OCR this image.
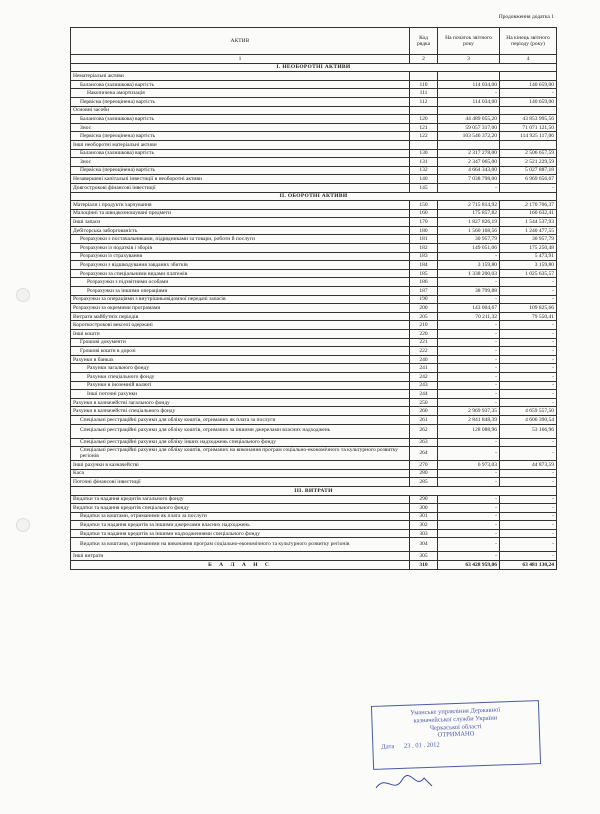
Продовження додатка 1
АКТИВ	Код рядка	На початок звітного року	На кінець звітного періоду (року)
1	2	3	4
I. НЕОБОРОТНІ АКТИВИ			
Нематеріальні активи			
Балансова (залишкова) вартість	110	114 034,00	140 659,00
Накопичена амортизація	111	-	-
Первісна (переоцінена) вартість	112	114 034,00	140 659,00
Основні засоби			
Балансова (залишкова) вартість	120	44 489 055,20	43 853 995,56
Знос	121	59 057 317,00	71 071 121,50
Первісна (переоцінена) вартість	122	103 546 372,20	114 925 117,06
Інші необоротні матеріальні активи			
Балансова (залишкова) вартість	130	2 317 278,00	2 506 657,59
Знос	131	2 347 065,00	2 521 229,59
Первісна (переоцінена) вартість	132	4 664 343,00	5 027 887,18
Незавершені капітальні інвестиції в необоротні активи	140	7 038 798,00	6 969 656,67
Довгострокові фінансові інвестиції	145	-	-
II. ОБОРОТНІ АКТИВИ			
Матеріали і продукти харчування	150	2 715 814,92	2 170 706,37
Малоцінні та швидкозношувані предмети	160	175 857,82	160 632,41
Інші запаси	170	1 827 826,19	1 544 537,93
Дебіторська заборгованість	180	1 560 168,56	1 240 477,55
Розрахунки з постачальниками, підрядниками за товари, роботи й послуги	181	30 957,79	30 957,79
Розрахунки із податків і зборів	182	149 051,06	175 250,48
Розрахунки із страхування	183	-	5 473,91
Розрахунки з відшкодування завданих збитків	184	3 159,80	3 159,80
Розрахунки за спеціальними видами платежів	185	1 338 200,03	1 025 635,57
Розрахунки з підзвітними особами	186	-	-
Розрахунки за іншими операціями	187	38 799,88	-
Розрахунки за операціями з внутрішньовідомчої передачі запасів	190	-	-
Розрахунки за окремими програмами	200	143 004,67	109 825,66
Витрати майбутніх періодів	205	70 211,32	79 550,41
Короткострокові векселі одержані	210	-	-
Інші кошти	220	-	-
Грошові документи	221	-	-
Грошові кошти в дорозі	222	-	-
Рахунки в банках	240	-	-
Рахунки загального фонду	241	-	-
Рахунки спеціального фонду	242	-	-
Рахунки в іноземній валюті	243	-	-
Інші поточні рахунки	244	-	-
Рахунки в казначействі загального фонду	250	-	-
Рахунки в казначействі спеціального фонду	260	2 969 937,35	4 659 557,50
Спеціальні реєстраційні рахунки для обліку коштів, отриманих як плата за послуги	261	2 841 848,39	4 606 390,54
Спеціальні реєстраційні рахунки для обліку коштів, отриманих за іншими джерелами власних надходжень	262	128 088,96	53 166,96
Спеціальні реєстраційні рахунки для обліку інших надходжень спеціального фонду	263	-	-
Спеціальні реєстраційні рахунки для обліку коштів, отриманих на виконання програм соціально-економічного та культурного розвитку регіонів	264	-	-
Інші рахунки в казначействі	270	6 973,03	44 873,59
Каса	280	-	-
Поточні фінансові інвестиції	285	-	-
III. ВИТРАТИ			
Видатки та надання кредитів загального фонду	290	-	-
Видатки та надання кредитів спеціального фонду	300	-	-
Видатки за коштами, отриманими як плата за послуги	301	-	-
Видатки та надання кредитів за іншими джерелами власних надходжень	302	-	-
Видатки та надання кредитів за іншими надходженнями спеціального фонду	303	-	-
Видатки за коштами, отриманими на виконання програм соціально-економічного та культурного розвитку регіонів	304	-	-
Інші витрати	305	-	-
Б А Л А Н С	310	63 428 959,06	63 481 130,24
Уманське управління Державної
казначейської служби України
Черкаської області
ОТРИМАНО
Дата 23 . 01 . 2012
